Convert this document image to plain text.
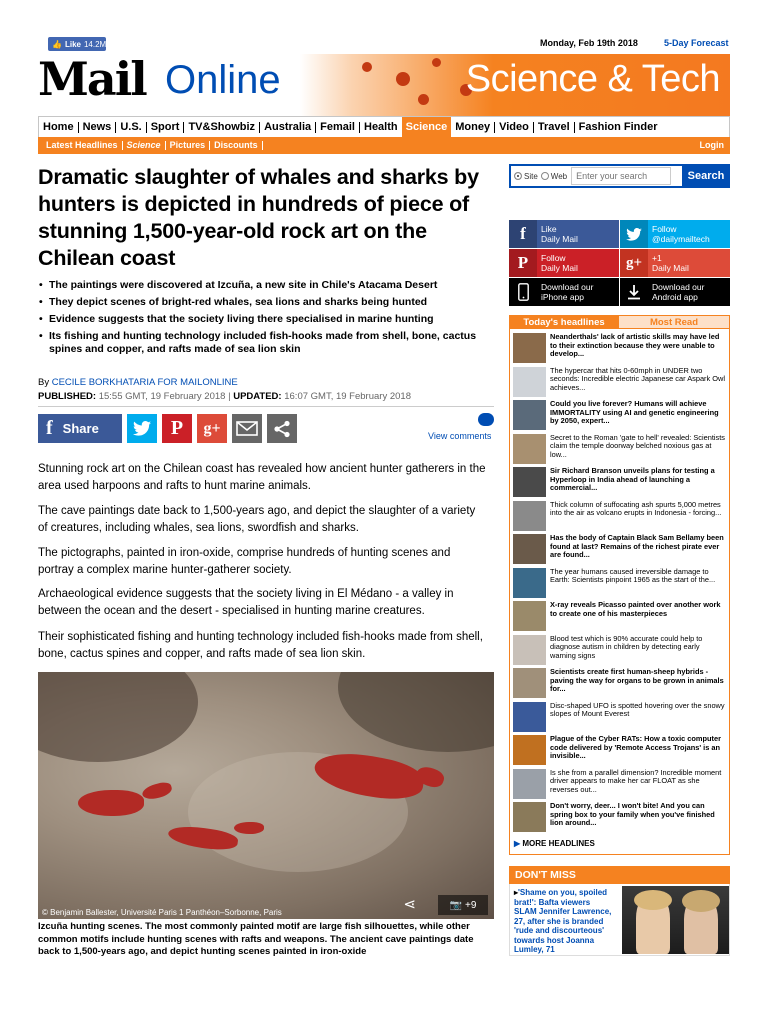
👍 Like 14.2M	Monday, Feb 19th 2018	5-Day Forecast
Mail Online	Science & Tech
Home News U.S. Sport TV&Showbiz Australia Femail Health Science Money Video Travel Fashion Finder
Latest Headlines	Science	Pictures	Discounts	Login
Dramatic slaughter of whales and sharks by hunters is depicted in hundreds of piece of stunning 1,500-year-old rock art on the Chilean coast
• The paintings were discovered at Izcuña, a new site in Chile's Atacama Desert
• They depict scenes of bright-red whales, sea lions and sharks being hunted
• Evidence suggests that the society living there specialised in marine hunting
• Its fishing and hunting technology included fish-hooks made from shell, bone, cactus spines and copper, and rafts made of sea lion skin
By CECILE BORKHATARIA FOR MAILONLINE
PUBLISHED: 15:55 GMT, 19 February 2018 | UPDATED: 16:07 GMT, 19 February 2018
f Share	P g+	View comments

Stunning rock art on the Chilean coast has revealed how ancient hunter gatherers in the area used harpoons and rafts to hunt marine animals.

The cave paintings date back to 1,500-years ago, and depict the slaughter of a variety of creatures, including whales, sea lions, swordfish and sharks.

The pictographs, painted in iron-oxide, comprise hundreds of hunting scenes and portray a complex marine hunter-gatherer society.

Archaeological evidence suggests that the society living in El Médano - a valley in between the ocean and the desert - specialised in hunting marine creatures.

Their sophisticated fishing and hunting technology included fish-hooks made from shell, bone, cactus spines and copper, and rafts made of sea lion skin.

⋖	📷 +9
© Benjamin Ballester, Université Paris 1 Panthéon–Sorbonne, Paris

Izcuña hunting scenes. The most commonly painted motif are large fish silhouettes, while other common motifs include hunting scenes with rafts and weapons. The ancient cave paintings date back to 1,500-years ago, and depict hunting scenes painted in iron-oxide

Site Web
Enter your search	Search
f	Like
Daily Mail
Follow
@dailymailtech
P	Follow
Daily Mail	g+	+1
Daily Mail
Download our
iPhone app
Download our
Android app
Today's headlines	Most Read
Neanderthals' lack of artistic skills may have led to their extinction because they were unable to develop...
The hypercar that hits 0-60mph in UNDER two seconds: Incredible electric Japanese car Aspark Owl achieves...
Could you live forever? Humans will achieve IMMORTALITY using AI and genetic engineering by 2050, expert...
Secret to the Roman 'gate to hell' revealed: Scientists claim the temple doorway belched noxious gas at low...
Sir Richard Branson unveils plans for testing a Hyperloop in India ahead of launching a commercial...
Thick column of suffocating ash spurts 5,000 metres into the air as volcano erupts in Indonesia - forcing...
Has the body of Captain Black Sam Bellamy been found at last? Remains of the richest pirate ever are found...
The year humans caused irreversible damage to Earth: Scientists pinpoint 1965 as the start of the...
X-ray reveals Picasso painted over another work to create one of his masterpieces
Blood test which is 90% accurate could help to diagnose autism in children by detecting early warning signs
Scientists create first human-sheep hybrids - paving the way for organs to be grown in animals for...
Disc-shaped UFO is spotted hovering over the snowy slopes of Mount Everest
Plague of the Cyber RATs: How a toxic computer code delivered by 'Remote Access Trojans' is an invisible...
Is she from a parallel dimension? Incredible moment driver appears to make her car FLOAT as she reverses out...
Don't worry, deer... I won't bite! And you can spring box to your family when you've finished lion around...
▶ MORE HEADLINES
DON'T MISS
▸'Shame on you, spoiled brat!': Bafta viewers SLAM Jennifer Lawrence, 27, after she is branded 'rude and discourteous' towards host Joanna Lumley, 71
